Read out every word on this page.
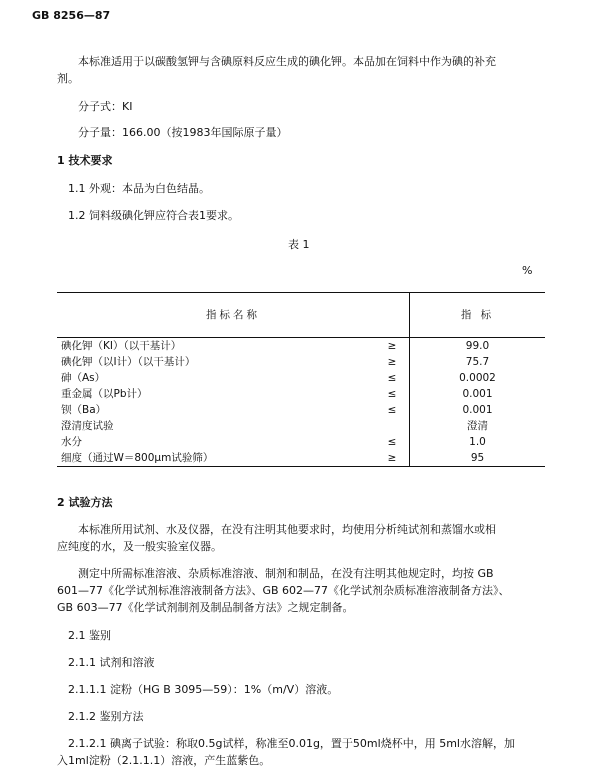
GB 8256—87
本标准适用于以碳酸氢钾与含碘原料反应生成的碘化钾。本品加在饲料中作为碘的补充
剂。
分子式：KI
分子量：166.00（按1983年国际原子量）
1 技术要求
1.1 外观：本品为白色结晶。
1.2 饲料级碘化钾应符合表1要求。
表 1
%
指标名称		指 标
碘化钾（KI）（以干基计）	≥	99.0
碘化钾（以I计）（以干基计）	≥	75.7
砷（As）	≤	0.0002
重金属（以Pb计）	≤	0.001
钡（Ba）	≤	0.001
澄清度试验		澄清
水分	≤	1.0
细度（通过W＝800μm试验筛）	≥	95
2 试验方法
本标准所用试剂、水及仪器，在没有注明其他要求时，均使用分析纯试剂和蒸馏水或相
应纯度的水，及一般实验室仪器。
测定中所需标准溶液、杂质标准溶液、制剂和制品，在没有注明其他规定时，均按 GB
601—77《化学试剂标准溶液制备方法》、GB 602—77《化学试剂杂质标准溶液制备方法》、
GB 603—77《化学试剂制剂及制品制备方法》之规定制备。
2.1 鉴别
2.1.1 试剂和溶液
2.1.1.1 淀粉（HG B 3095—59）：1%（m/V）溶液。
2.1.2 鉴别方法
2.1.2.1 碘离子试验：称取0.5g试样，称准至0.01g，置于50ml烧杯中，用 5ml水溶解，加
入1ml淀粉（2.1.1.1）溶液，产生蓝紫色。
